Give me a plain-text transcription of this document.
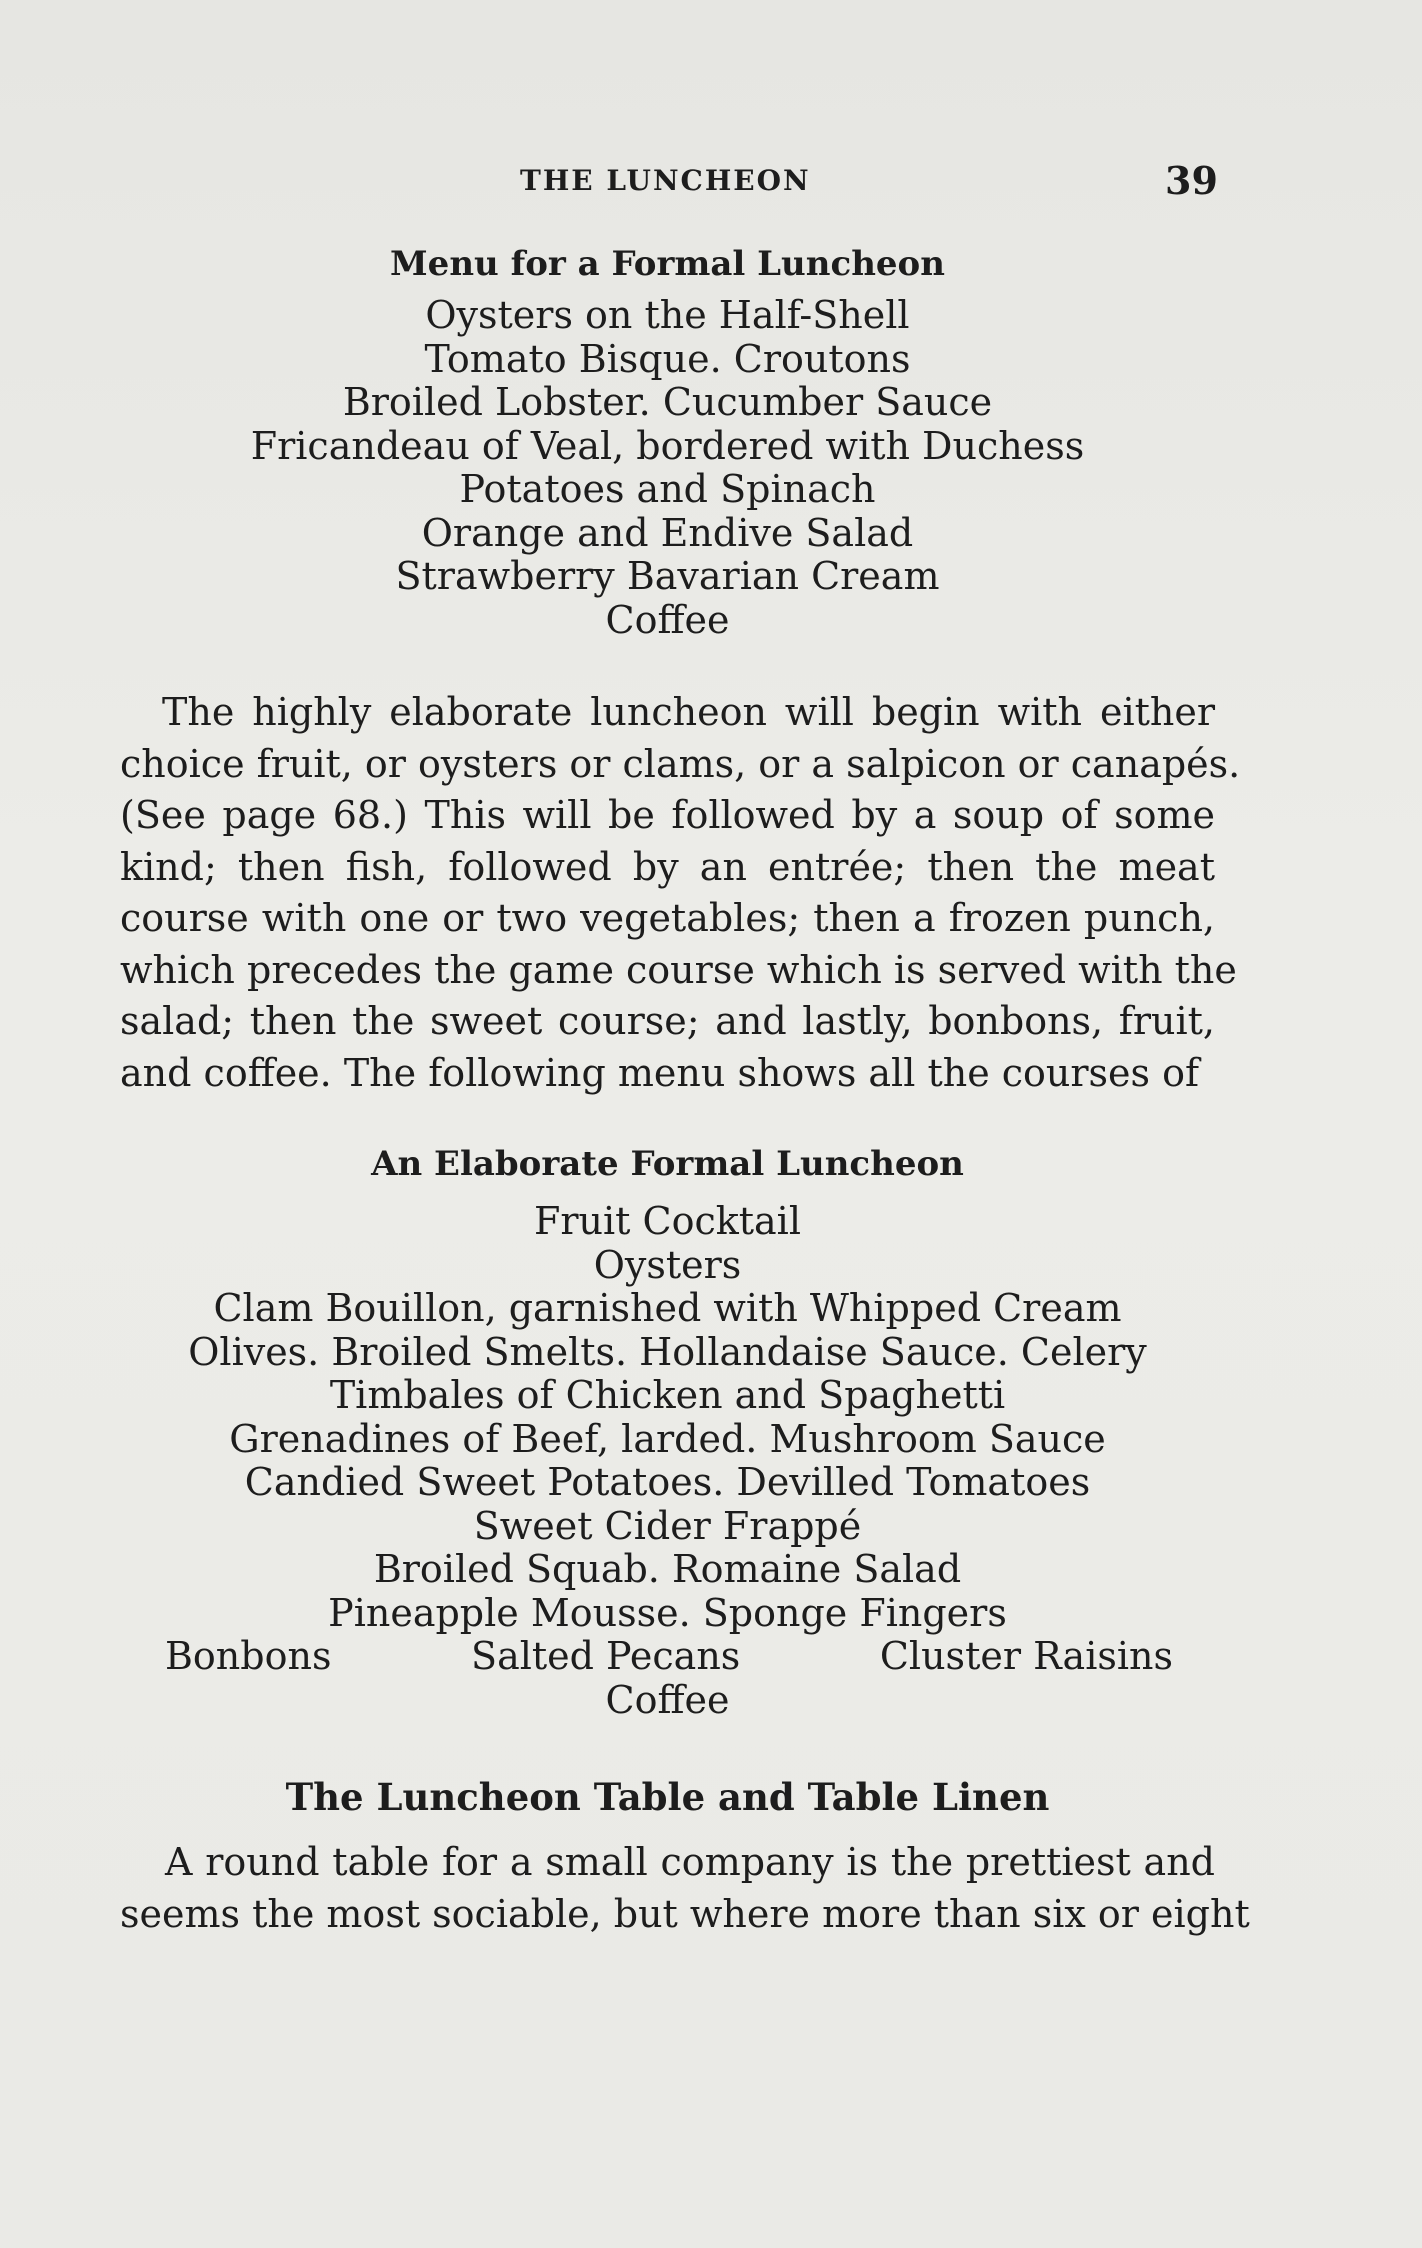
THE LUNCHEON	39
Menu for a Formal Luncheon
Oysters on the Half-Shell
Tomato Bisque. Croutons
Broiled Lobster. Cucumber Sauce
Fricandeau of Veal, bordered with Duchess
Potatoes and Spinach
Orange and Endive Salad
Strawberry Bavarian Cream
Coffee
The highly elaborate luncheon will begin with either
choice fruit, or oysters or clams, or a salpicon or canapés.
(See page 68.) This will be followed by a soup of some
kind; then fish, followed by an entrée; then the meat
course with one or two vegetables; then a frozen punch,
which precedes the game course which is served with the
salad; then the sweet course; and lastly, bonbons, fruit,
and coffee. The following menu shows all the courses of
An Elaborate Formal Luncheon
Fruit Cocktail
Oysters
Clam Bouillon, garnished with Whipped Cream
Olives. Broiled Smelts. Hollandaise Sauce. Celery
Timbales of Chicken and Spaghetti
Grenadines of Beef, larded. Mushroom Sauce
Candied Sweet Potatoes. Devilled Tomatoes
Sweet Cider Frappé
Broiled Squab. Romaine Salad
Pineapple Mousse. Sponge Fingers
Bonbons	Salted Pecans	Cluster Raisins
Coffee
The Luncheon Table and Table Linen
A round table for a small company is the prettiest and
seems the most sociable, but where more than six or eight
